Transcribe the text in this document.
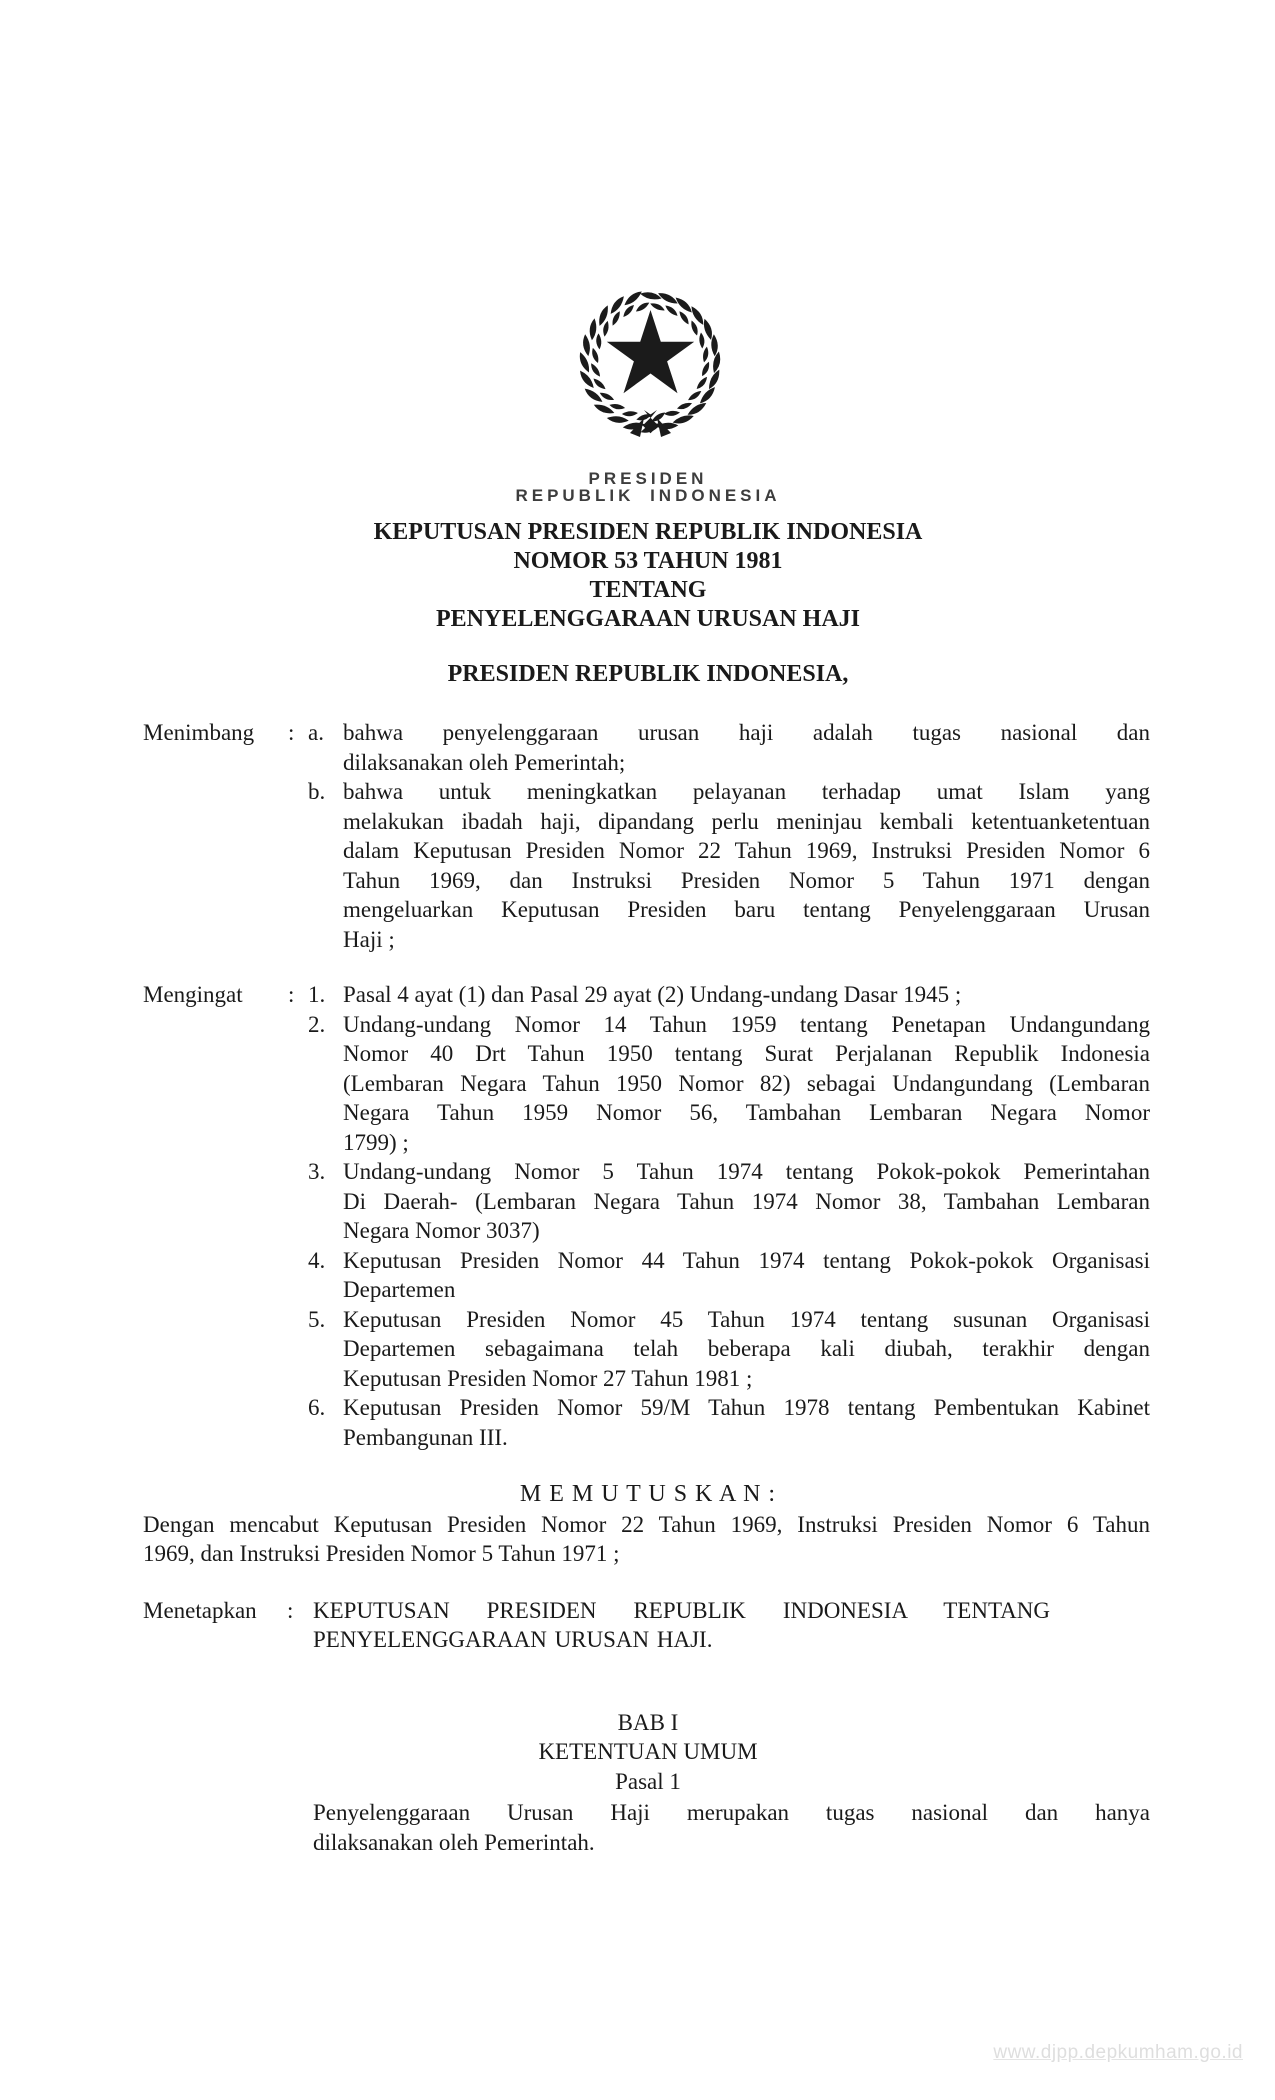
PRESIDEN
REPUBLIK INDONESIA
KEPUTUSAN PRESIDEN REPUBLIK INDONESIA
NOMOR 53 TAHUN 1981
TENTANG
PENYELENGGARAAN URUSAN HAJI
PRESIDEN REPUBLIK INDONESIA,
Menimbang	: a. bahwa penyelenggaraan urusan haji adalah tugas nasional dan
dilaksanakan oleh Pemerintah;
b. bahwa untuk meningkatkan pelayanan terhadap umat Islam yang
melakukan ibadah haji, dipandang perlu meninjau kembali ketentuanketentuan
dalam Keputusan Presiden Nomor 22 Tahun 1969, Instruksi Presiden Nomor 6
Tahun 1969, dan Instruksi Presiden Nomor 5 Tahun 1971 dengan
mengeluarkan Keputusan Presiden baru tentang Penyelenggaraan Urusan
Haji ;
Mengingat	: 1. Pasal 4 ayat (1) dan Pasal 29 ayat (2) Undang-undang Dasar 1945 ;
2. Undang-undang Nomor 14 Tahun 1959 tentang Penetapan Undangundang
Nomor 40 Drt Tahun 1950 tentang Surat Perjalanan Republik Indonesia
(Lembaran Negara Tahun 1950 Nomor 82) sebagai Undangundang (Lembaran
Negara Tahun 1959 Nomor 56, Tambahan Lembaran Negara Nomor
1799) ;
3. Undang-undang Nomor 5 Tahun 1974 tentang Pokok-pokok Pemerintahan
Di Daerah- (Lembaran Negara Tahun 1974 Nomor 38, Tambahan Lembaran
Negara Nomor 3037)
4. Keputusan Presiden Nomor 44 Tahun 1974 tentang Pokok-pokok Organisasi
Departemen
5. Keputusan Presiden Nomor 45 Tahun 1974 tentang susunan Organisasi
Departemen sebagaimana telah beberapa kali diubah, terakhir dengan
Keputusan Presiden Nomor 27 Tahun 1981 ;
6. Keputusan Presiden Nomor 59/M Tahun 1978 tentang Pembentukan Kabinet
Pembangunan III.
M E M U T U S K A N :
Dengan mencabut Keputusan Presiden Nomor 22 Tahun 1969, Instruksi Presiden Nomor 6 Tahun
1969, dan Instruksi Presiden Nomor 5 Tahun 1971 ;
Menetapkan	: KEPUTUSAN PRESIDEN REPUBLIK INDONESIA TENTANG
PENYELENGGARAAN URUSAN HAJI.
BAB I
KETENTUAN UMUM
Pasal 1
Penyelenggaraan Urusan Haji merupakan tugas nasional dan hanya
dilaksanakan oleh Pemerintah.
www.djpp.depkumham.go.id
